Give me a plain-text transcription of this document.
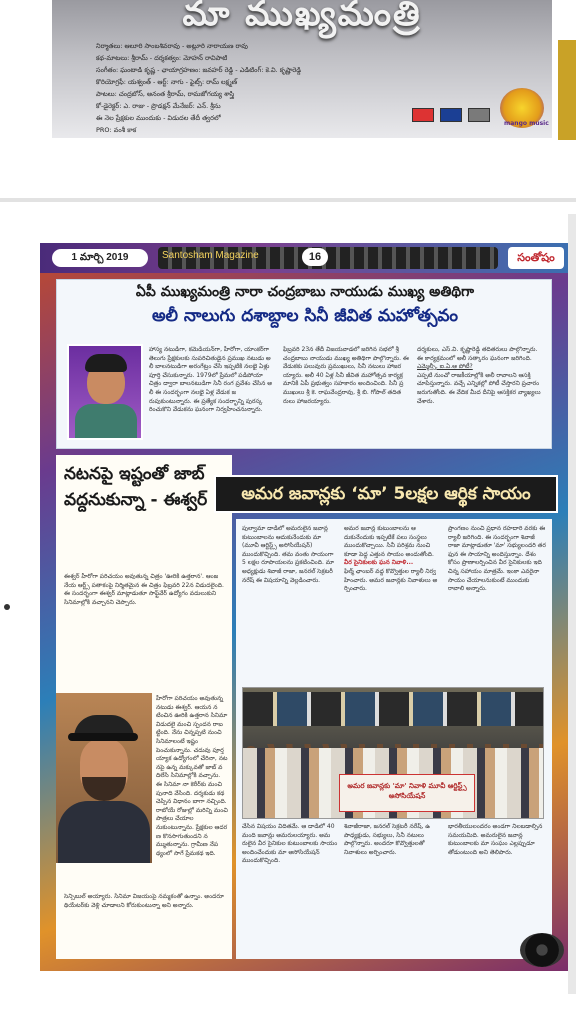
మా ముఖ్యమంత్రి
నిర్మాతలు: ఆలూరి సాంబశివరావు - అట్లూరి నారాయణ రావు
కథ-మాటలు: శ్రీరామ్ - దర్శకత్వం: మోహన్ రావిపాటి
సంగీతం: ఘంటాడి కృష్ణ - ఛాయాగ్రహణం: జవహర్ రెడ్డి - ఎడిటింగ్: కె.వి. కృష్ణారెడ్డి
కొరియోగ్రఫీ: యశ్వంత్ - ఆర్ట్: నాగు - ఫైట్స్: రామ్ లక్ష్మణ్
పాటలు: చంద్రబోస్, అనంత శ్రీరామ్, రామజోగయ్య శాస్త్రి
కో-డైరెక్టర్: ఎ. రాజు - ప్రొడక్షన్ మేనేజర్: ఎన్. శ్రీను
ఈ నెల ప్రేక్షకుల ముందుకు - విడుదల తేదీ త్వరలో
PRO: వంశీ కాక
mango music
1 మార్చి 2019	Santosham Magazine	16	సంతోషం
ఏపీ ముఖ్యమంత్రి నారా చంద్రబాబు నాయుడు ముఖ్య అతిథిగా
అలీ నాలుగు దశాబ్దాల సినీ జీవిత మహోత్సవం
హాస్య నటుడిగా, కమెడియన్‌గా, హీరోగా, యాంకర్‌గా తెలుగు ప్రేక్షకులకు సుపరిచితుడైన ప్రముఖ నటుడు అలీ బాలనటుడిగా అరంగేట్రం చేసి ఇప్పటికి నలభై ఏళ్లు పూర్తి చేసుకున్నారు. 1979లో ప్రేమలో పడిపోయా చిత్రం ద్వారా బాలనటుడిగా సినీ రంగ ప్రవేశం చేసిన అలీ ఈ సందర్భంగా నలభై ఏళ్ల వేడుక జరుపుకుంటున్నారు. ఈ ప్రత్యేక సందర్భాన్ని పురస్కరించుకొని వేడుకను ఘనంగా నిర్వహించనున్నారు.
ఫిబ్రవరి 23న తేదీ విజయవాడలో జరిగిన సభలో శ్రీ చంద్రబాబు నాయుడు ముఖ్య అతిథిగా పాల్గొన్నారు. ఈ వేడుకకు పలువురు ప్రముఖులు, సినీ నటులు హాజరయ్యారు. అలీ 40 ఏళ్ల సినీ జీవిత మహోత్సవ కార్యక్రమానికి ఏపీ ప్రభుత్వం సహకారం అందించింది. సినీ ప్రముఖులు శ్రీ కె. రాఘవేంద్రరావు, శ్రీ బి. గోపాల్ తదితరులు హాజరయ్యారు.
దర్శకులు, ఎస్.వి. కృష్ణారెడ్డి తదితరులు పాల్గొన్నారు. ఈ కార్యక్రమంలో అలీ సత్కారం ఘనంగా జరిగింది.
ఎమ్మెల్సీ, ఐ.ఏ.ఆ పోటీ?
ఎప్పటి నుంచో రాజకీయాల్లోకి అలీ రావాలని ఆసక్తి చూపిస్తున్నారు. వచ్చే ఎన్నికల్లో పోటీ చేస్తారని ప్రచారం జరుగుతోంది. ఈ వేదిక మీద దీనిపై ఆసక్తికర వ్యాఖ్యలు చేశారు.
నటనపై ఇష్టంతో జాబ్ వద్దనుకున్నా - ఈశ్వర్
ఈశ్వర్ హీరోగా పరిచయం అవుతున్న చిత్రం 'ఊరికి ఉత్తరాన'. ఆంజనేయ ఆర్ట్స్ పతాకంపై నిర్మితమైన ఈ చిత్రం ఫిబ్రవరి 22న విడుదలైంది. ఈ సందర్భంగా ఈశ్వర్ మాట్లాడుతూ సాఫ్ట్‌వేర్ ఉద్యోగం వదులుకుని సినిమాల్లోకి వచ్చానని చెప్పారు.
హీరోగా పరిచయం అవుతున్న నటుడు ఈశ్వర్. ఆయన నటించిన ఊరికి ఉత్తరాన సినిమా విడుదలై మంచి స్పందన రాబట్టింది. నేను చిన్నప్పటి నుంచి సినిమాలంటే ఇష్టం పెంచుకున్నాను. చదువు పూర్తయ్యాక ఉద్యోగంలో చేరినా, నటనపై ఉన్న మక్కువతో జాబ్ వదిలేసి సినిమాల్లోకి వచ్చాను. ఈ సినిమా నా కెరీర్‌కు మంచి పునాది వేసింది. దర్శకుడు కథ చెప్పిన విధానం బాగా నచ్చింది. రాబోయే రోజుల్లో మరిన్ని మంచి పాత్రలు చేయాలనుకుంటున్నాను. ప్రేక్షకుల ఆదరణ కొనసాగుతుందని నమ్ముతున్నాను. గ్రామీణ నేపథ్యంలో సాగే ప్రేమకథ ఇది.
సెన్సిబుల్ అయ్యారు. సినిమా విజయంపై నమ్మకంతో ఉన్నాం. అందరూ థియేటర్‌కు వెళ్లి చూడాలని కోరుకుంటున్నా అని అన్నారు.
పుల్వామా దాడిలో అమరులైన జవాన్ల కుటుంబాలను ఆదుకునేందుకు మా (మూవీ ఆర్టిస్ట్స్ అసోసియేషన్) ముందుకొచ్చింది. తమ వంతు సాయంగా 5 లక్షల రూపాయలను ప్రకటించింది. మా అధ్యక్షుడు శివాజీ రాజా, జనరల్ సెక్రటరీ నరేష్ ఈ విషయాన్ని వెల్లడించారు.
అమర జవాన్ల కుటుంబాలను ఆదుకునేందుకు ఇప్పటికే పలు సంస్థలు ముందుకొచ్చాయి. సినీ పరిశ్రమ నుంచి కూడా పెద్ద ఎత్తున సాయం అందుతోంది.
వీర సైనికులకు ఘన నివాళి...
ఫిల్మ్ ఛాంబర్ వద్ద కొవ్వొత్తుల ర్యాలీ నిర్వహించారు. అమర జవాన్లకు నివాళులు అర్పించారు.
ప్రాంగణం నుంచి ప్రధాన రహదారి వరకు ఈ ర్యాలీ జరిగింది. ఈ సందర్భంగా శివాజీ రాజా మాట్లాడుతూ 'మా' సభ్యులందరి తరఫున ఈ సాయాన్ని అందిస్తున్నాం. దేశం కోసం ప్రాణాలర్పించిన వీర సైనికులకు ఇది చిన్న సహాయం మాత్రమే. ఇంకా ఎవరైనా సాయం చేయాలనుకుంటే ముందుకు రావాలి అన్నారు.
అమర జవాన్లకు 'మా' నివాళి మూవీ ఆర్టిస్ట్స్ అసోసియేషన్
చేసిన విషయం విదితమే. ఆ దాడిలో 40 మంది జవాన్లు అమరులయ్యారు. అమరులైన వీర సైనికుల కుటుంబాలకు సాయం అందించేందుకు మా అసోసియేషన్ ముందుకొచ్చింది.
శివాజీరాజా, జనరల్ సెక్రటరీ నరేష్, ఉపాధ్యక్షుడు, సభ్యులు, సినీ నటులు పాల్గొన్నారు. అందరూ కొవ్వొత్తులతో నివాళులు అర్పించారు.
భారతీయులందరం అండగా నిలబడాల్సిన సమయమిది. అమరులైన జవాన్ల కుటుంబాలకు మా సంఘం ఎల్లప్పుడూ తోడుంటుంది అని తెలిపారు.
అమర జవాన్లకు ‘మా’ 5లక్షల ఆర్థిక సాయం
